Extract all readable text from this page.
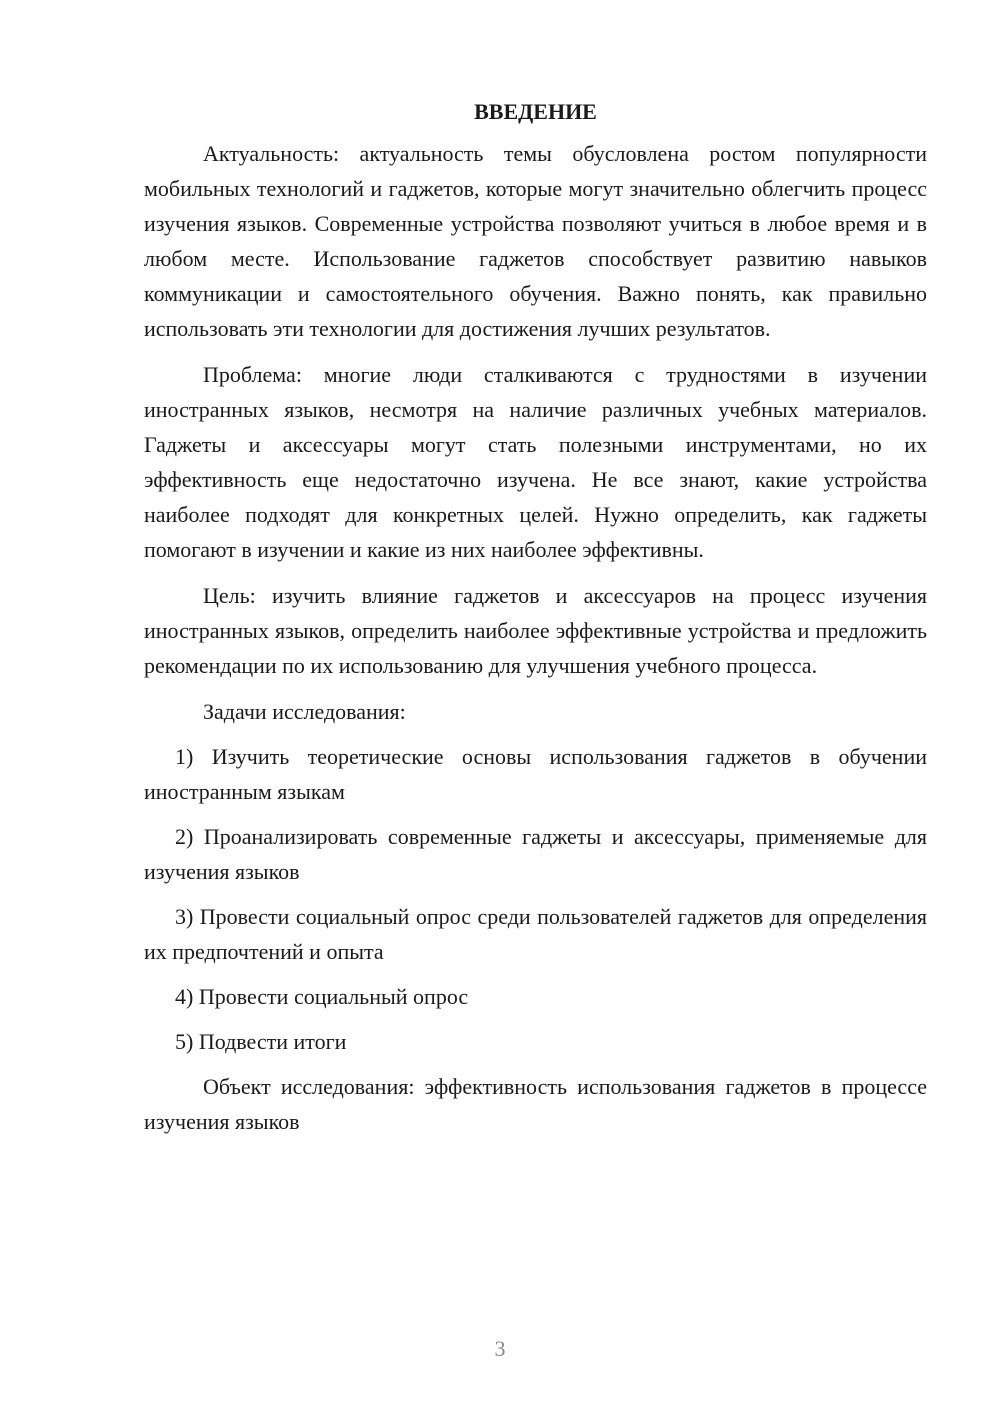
ВВЕДЕНИЕ

Актуальность: актуальность темы обусловлена ростом популярности мобильных технологий и гаджетов, которые могут значительно облегчить процесс изучения языков. Современные устройства позволяют учиться в любое время и в любом месте. Использование гаджетов способствует развитию навыков коммуникации и самостоятельного обучения. Важно понять, как правильно использовать эти технологии для достижения лучших результатов.

Проблема: многие люди сталкиваются с трудностями в изучении иностранных языков, несмотря на наличие различных учебных материалов. Гаджеты и аксессуары могут стать полезными инструментами, но их эффективность еще недостаточно изучена. Не все знают, какие устройства наиболее подходят для конкретных целей. Нужно определить, как гаджеты помогают в изучении и какие из них наиболее эффективны.

Цель: изучить влияние гаджетов и аксессуаров на процесс изучения иностранных языков, определить наиболее эффективные устройства и предложить рекомендации по их использованию для улучшения учебного процесса.

Задачи исследования:

1) Изучить теоретические основы использования гаджетов в обучении иностранным языкам

2) Проанализировать современные гаджеты и аксессуары, применяемые для изучения языков

3) Провести социальный опрос среди пользователей гаджетов для определения их предпочтений и опыта

4) Провести социальный опрос

5) Подвести итоги

Объект исследования: эффективность использования гаджетов в процессе изучения языков

3
